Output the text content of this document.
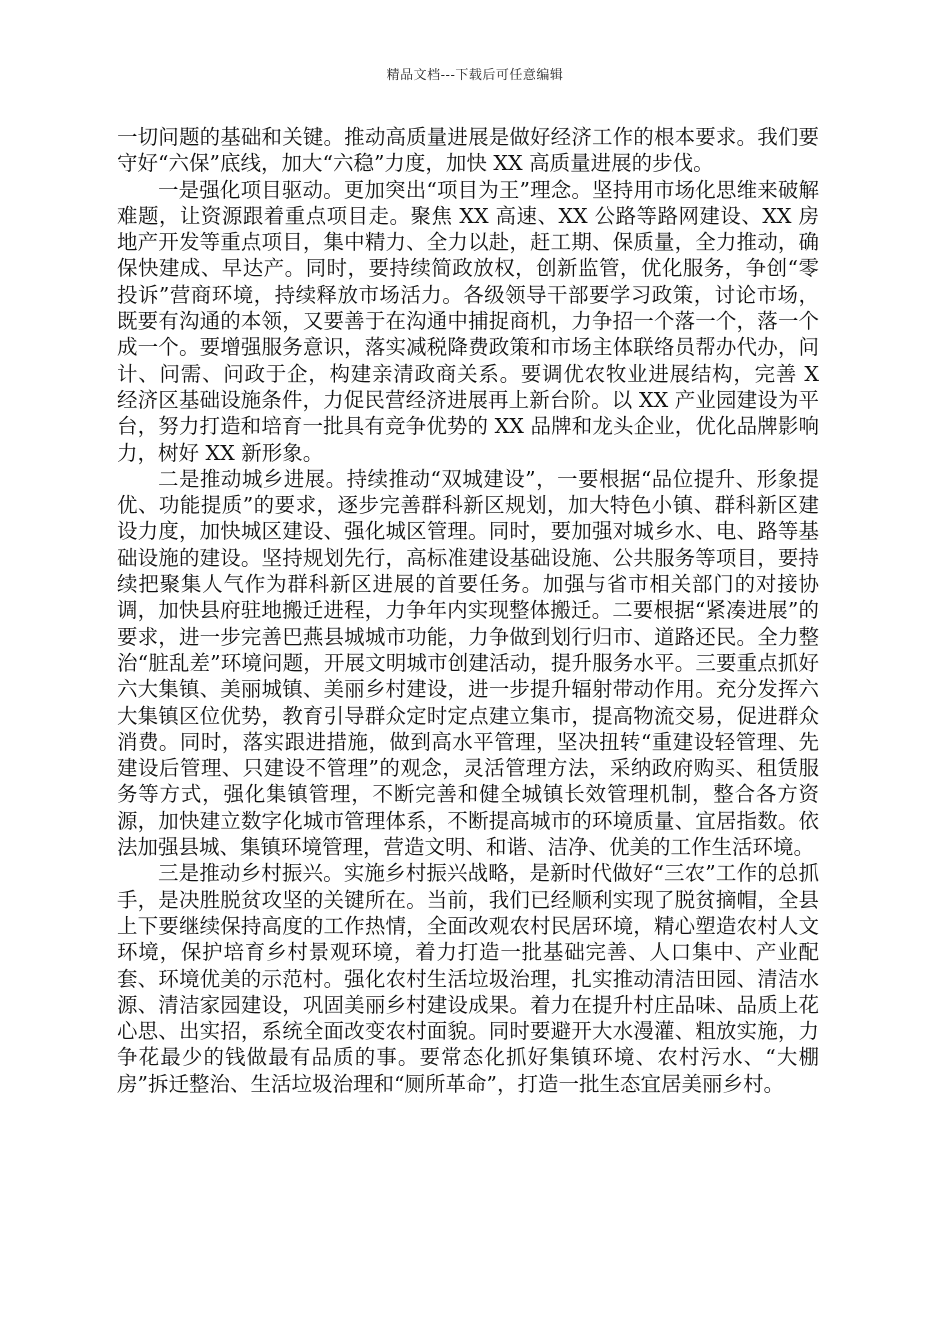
精品文档---下载后可任意编辑

一切问题的基础和关键。推动高质量进展是做好经济工作的根本要求。我们要守好“六保”底线，加大“六稳”力度，加快 XX 高质量进展的步伐。

一是强化项目驱动。更加突出“项目为王”理念。坚持用市场化思维来破解难题，让资源跟着重点项目走。聚焦 XX 高速、XX 公路等路网建设、XX 房地产开发等重点项目，集中精力、全力以赴，赶工期、保质量，全力推动，确保快建成、早达产。同时，要持续简政放权，创新监管，优化服务，争创“零投诉”营商环境，持续释放市场活力。各级领导干部要学习政策，讨论市场，既要有沟通的本领，又要善于在沟通中捕捉商机，力争招一个落一个，落一个成一个。要增强服务意识，落实减税降费政策和市场主体联络员帮办代办，问计、问需、问政于企，构建亲清政商关系。要调优农牧业进展结构，完善 X 经济区基础设施条件，力促民营经济进展再上新台阶。以 XX 产业园建设为平台，努力打造和培育一批具有竞争优势的 XX 品牌和龙头企业，优化品牌影响力，树好 XX 新形象。

二是推动城乡进展。持续推动“双城建设”，一要根据“品位提升、形象提优、功能提质”的要求，逐步完善群科新区规划，加大特色小镇、群科新区建设力度，加快城区建设、强化城区管理。同时，要加强对城乡水、电、路等基础设施的建设。坚持规划先行，高标准建设基础设施、公共服务等项目，要持续把聚集人气作为群科新区进展的首要任务。加强与省市相关部门的对接协调，加快县府驻地搬迁进程，力争年内实现整体搬迁。二要根据“紧凑进展”的要求，进一步完善巴燕县城城市功能，力争做到划行归市、道路还民。全力整治“脏乱差”环境问题，开展文明城市创建活动，提升服务水平。三要重点抓好六大集镇、美丽城镇、美丽乡村建设，进一步提升辐射带动作用。充分发挥六大集镇区位优势，教育引导群众定时定点建立集市，提高物流交易，促进群众消费。同时，落实跟进措施，做到高水平管理，坚决扭转“重建设轻管理、先建设后管理、只建设不管理”的观念，灵活管理方法，采纳政府购买、租赁服务等方式，强化集镇管理，不断完善和健全城镇长效管理机制，整合各方资源，加快建立数字化城市管理体系，不断提高城市的环境质量、宜居指数。依法加强县城、集镇环境管理，营造文明、和谐、洁净、优美的工作生活环境。

三是推动乡村振兴。实施乡村振兴战略，是新时代做好“三农”工作的总抓手，是决胜脱贫攻坚的关键所在。当前，我们已经顺利实现了脱贫摘帽，全县上下要继续保持高度的工作热情，全面改观农村民居环境，精心塑造农村人文环境，保护培育乡村景观环境，着力打造一批基础完善、人口集中、产业配套、环境优美的示范村。强化农村生活垃圾治理，扎实推动清洁田园、清洁水源、清洁家园建设，巩固美丽乡村建设成果。着力在提升村庄品味、品质上花心思、出实招，系统全面改变农村面貌。同时要避开大水漫灌、粗放实施，力争花最少的钱做最有品质的事。要常态化抓好集镇环境、农村污水、“大棚房”拆迁整治、生活垃圾治理和“厕所革命”，打造一批生态宜居美丽乡村。
